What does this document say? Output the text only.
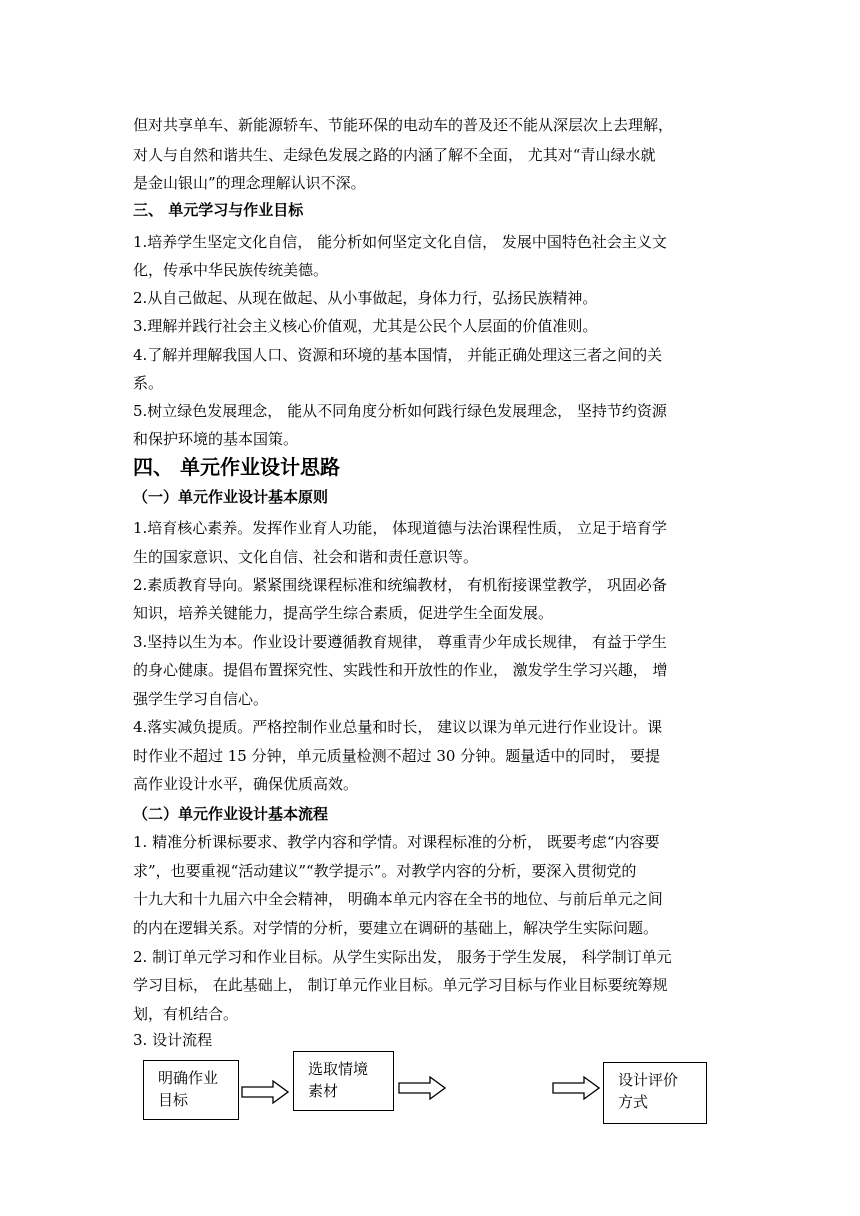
但对共享单车、新能源轿车、节能环保的电动车的普及还不能从深层次上去理解，
对人与自然和谐共生、走绿色发展之路的内涵了解不全面， 尤其对“青山绿水就
是金山银山”的理念理解认识不深。
三、 单元学习与作业目标
1.培养学生坚定文化自信， 能分析如何坚定文化自信， 发展中国特色社会主义文
化，传承中华民族传统美德。
2.从自己做起、从现在做起、从小事做起，身体力行，弘扬民族精神。
3.理解并践行社会主义核心价值观，尤其是公民个人层面的价值准则。
4.了解并理解我国人口、资源和环境的基本国情， 并能正确处理这三者之间的关
系。
5.树立绿色发展理念， 能从不同角度分析如何践行绿色发展理念， 坚持节约资源
和保护环境的基本国策。
四、 单元作业设计思路
（一）单元作业设计基本原则
1.培育核心素养。发挥作业育人功能， 体现道德与法治课程性质， 立足于培育学
生的国家意识、文化自信、社会和谐和责任意识等。
2.素质教育导向。紧紧围绕课程标准和统编教材， 有机衔接课堂教学， 巩固必备
知识，培养关键能力，提高学生综合素质，促进学生全面发展。
3.坚持以生为本。作业设计要遵循教育规律， 尊重青少年成长规律， 有益于学生
的身心健康。提倡布置探究性、实践性和开放性的作业， 激发学生学习兴趣， 增
强学生学习自信心。
4.落实减负提质。严格控制作业总量和时长， 建议以课为单元进行作业设计。课
时作业不超过 15 分钟，单元质量检测不超过 30 分钟。题量适中的同时， 要提
高作业设计水平，确保优质高效。
（二）单元作业设计基本流程
1. 精准分析课标要求、教学内容和学情。对课程标准的分析， 既要考虑“内容要
求”，也要重视“活动建议”“教学提示”。对教学内容的分析，要深入贯彻党的
十九大和十九届六中全会精神， 明确本单元内容在全书的地位、与前后单元之间
的内在逻辑关系。对学情的分析，要建立在调研的基础上，解决学生实际问题。
2. 制订单元学习和作业目标。从学生实际出发， 服务于学生发展， 科学制订单元
学习目标， 在此基础上， 制订单元作业目标。单元学习目标与作业目标要统筹规
划，有机结合。
3. 设计流程
明确作业
目标
选取情境
素材
设计评价
方式
